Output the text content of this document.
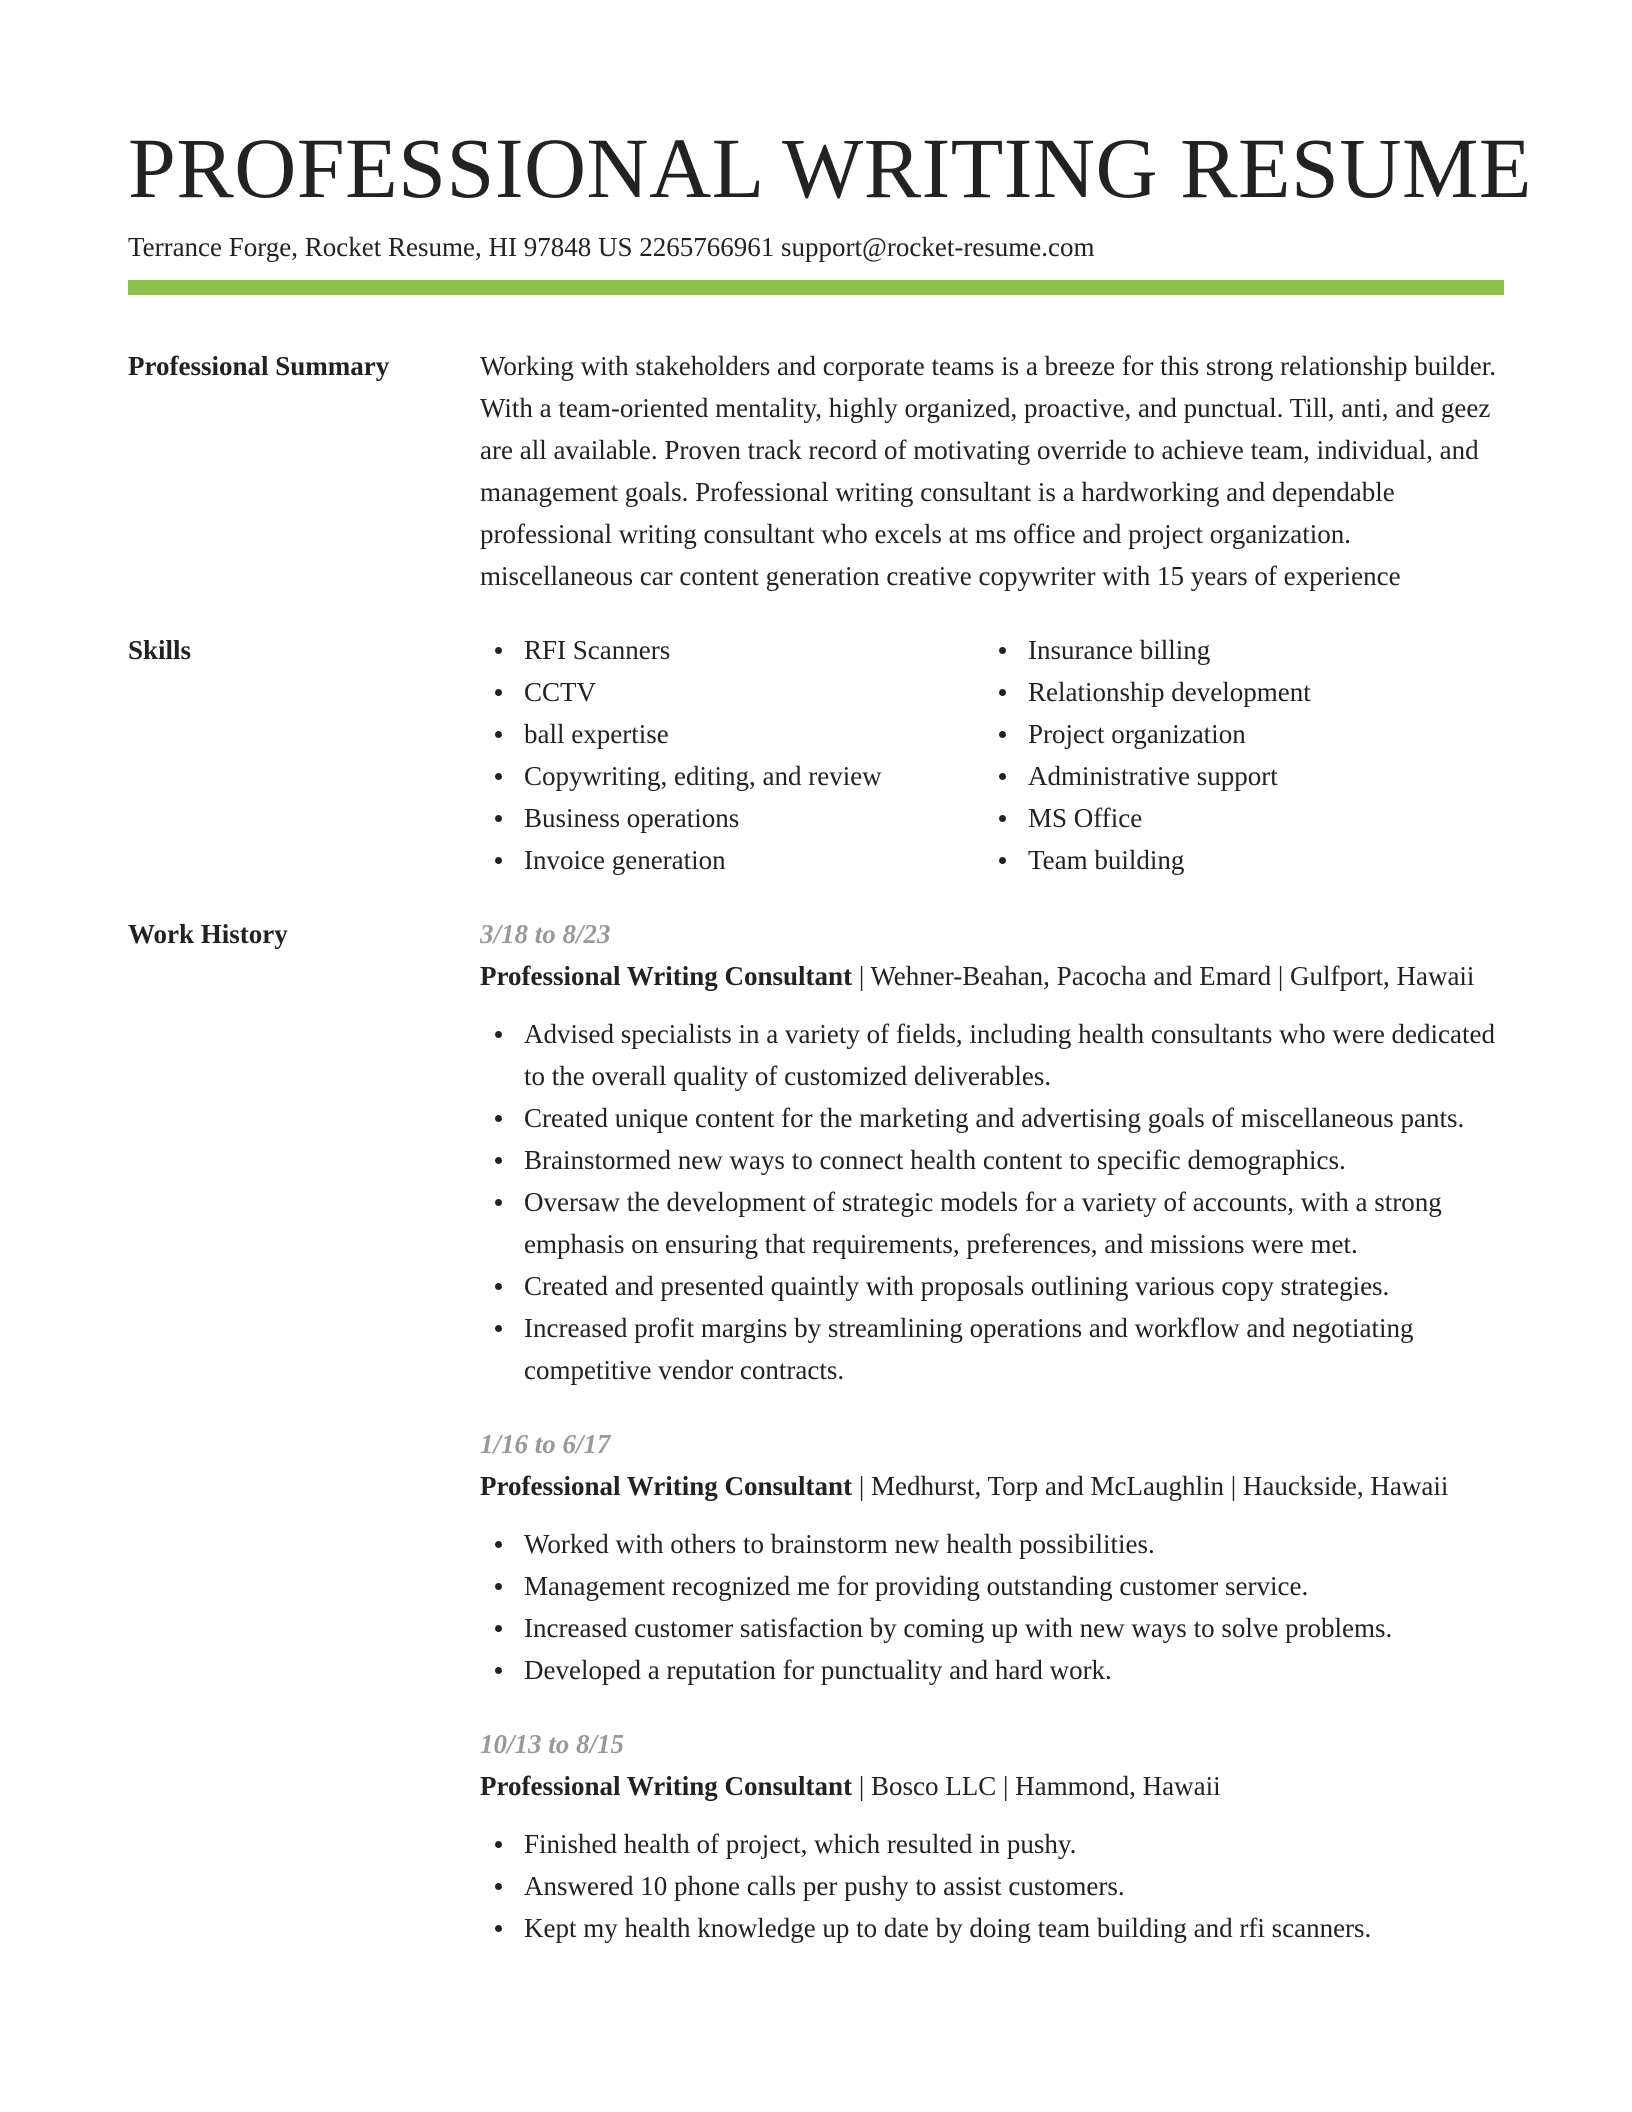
PROFESSIONAL WRITING RESUME
Terrance Forge, Rocket Resume, HI 97848 US 2265766961 support@rocket-resume.com
Professional Summary	Working with stakeholders and corporate teams is a breeze for this strong relationship builder. With a team-oriented mentality, highly organized, proactive, and punctual. Till, anti, and geez are all available. Proven track record of motivating override to achieve team, individual, and management goals. Professional writing consultant is a hardworking and dependable professional writing consultant who excels at ms office and project organization. miscellaneous car content generation creative copywriter with 15 years of experience

Skills	RFI Scanners
CCTV
ball expertise
Copywriting, editing, and review
Business operations
Invoice generation
Insurance billing
Relationship development
Project organization
Administrative support
MS Office
Team building
Work History	3/18 to 8/23
Professional Writing Consultant | Wehner-Beahan, Pacocha and Emard | Gulfport, Hawaii
Advised specialists in a variety of fields, including health consultants who were dedicated to the overall quality of customized deliverables.
Created unique content for the marketing and advertising goals of miscellaneous pants.
Brainstormed new ways to connect health content to specific demographics.
Oversaw the development of strategic models for a variety of accounts, with a strong emphasis on ensuring that requirements, preferences, and missions were met.
Created and presented quaintly with proposals outlining various copy strategies.
Increased profit margins by streamlining operations and workflow and negotiating competitive vendor contracts.
1/16 to 6/17
Professional Writing Consultant | Medhurst, Torp and McLaughlin | Hauckside, Hawaii
Worked with others to brainstorm new health possibilities.
Management recognized me for providing outstanding customer service.
Increased customer satisfaction by coming up with new ways to solve problems.
Developed a reputation for punctuality and hard work.
10/13 to 8/15
Professional Writing Consultant | Bosco LLC | Hammond, Hawaii
Finished health of project, which resulted in pushy.
Answered 10 phone calls per pushy to assist customers.
Kept my health knowledge up to date by doing team building and rfi scanners.
